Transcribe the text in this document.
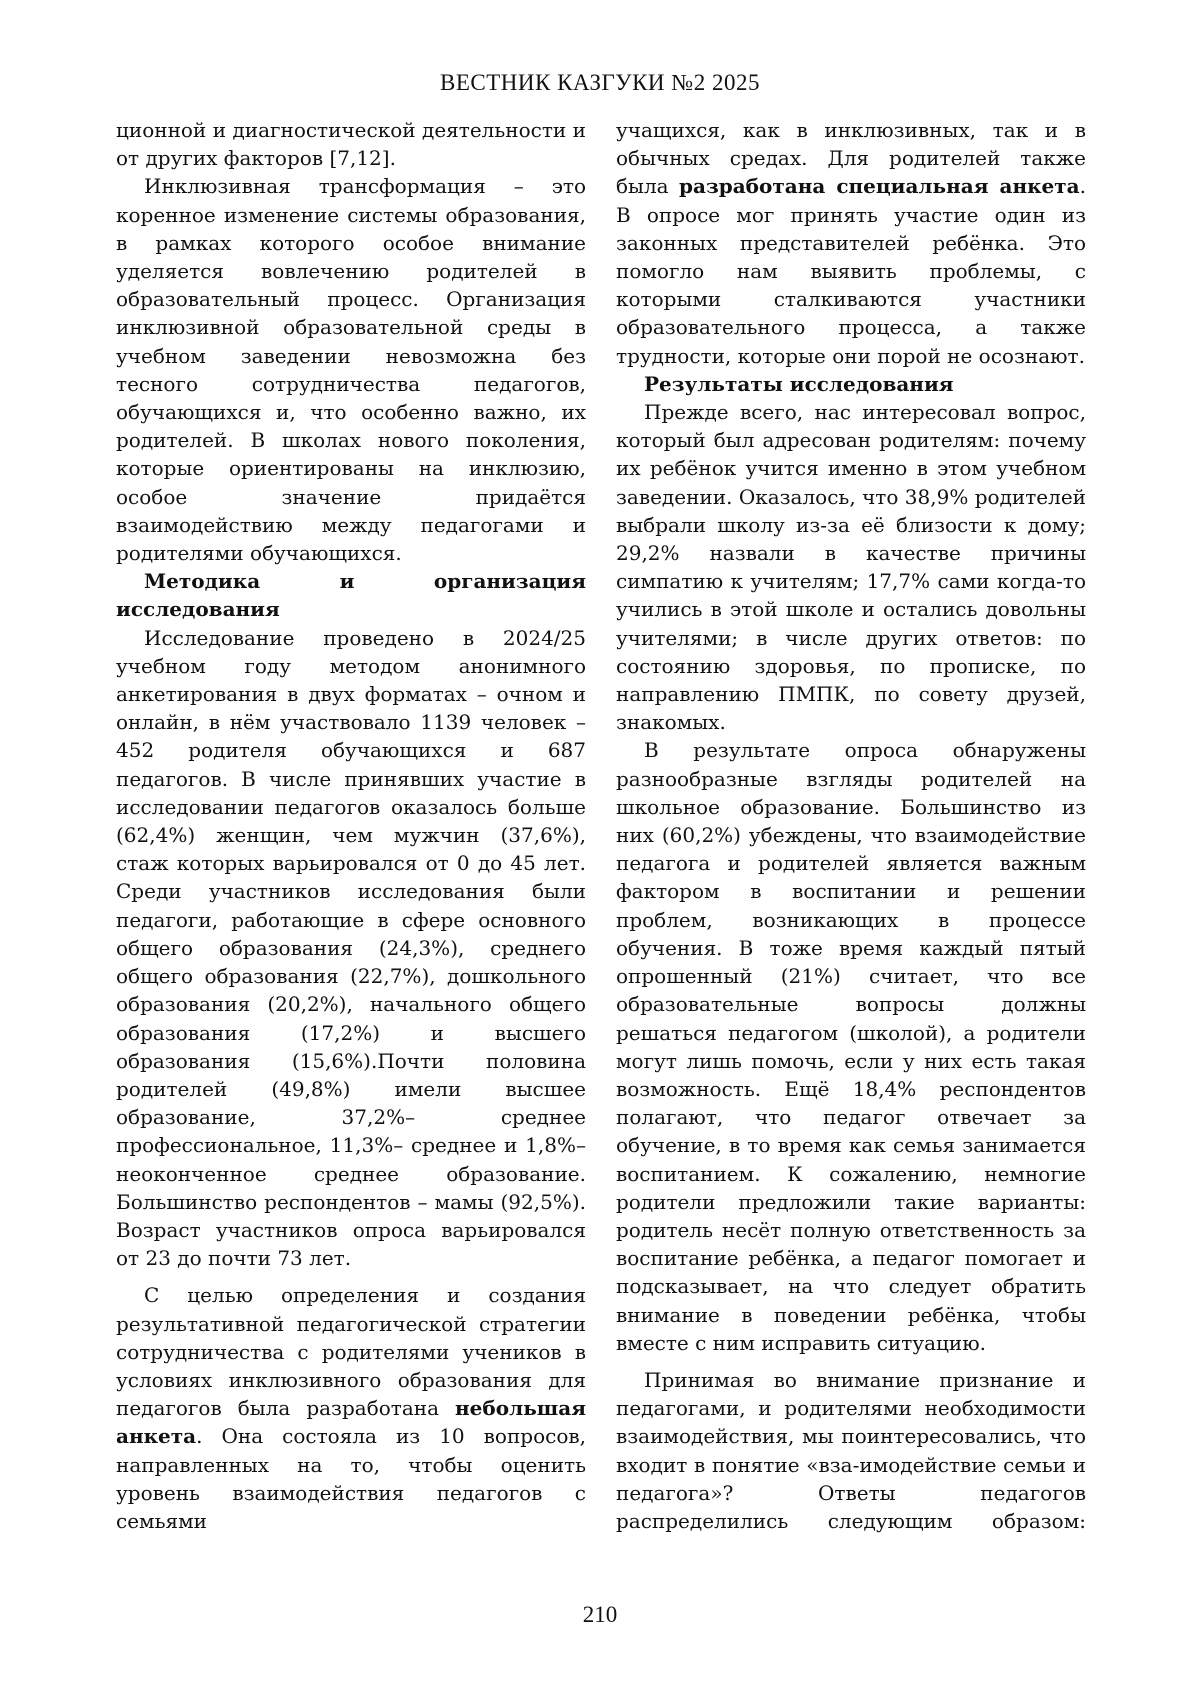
ВЕСТНИК КАЗГУКИ №2 2025

ционной и диагностической деятельности и от других факторов [7,12].

Инклюзивная трансформация – это коренное изменение системы образования, в рамках которого особое внимание уделяется вовлечению родителей в образовательный процесс. Организация инклюзивной образовательной среды в учебном заведении невозможна без тесного сотрудничества педагогов, обучающихся и, что особенно важно, их родителей. В школах нового поколения, которые ориентированы на инклюзию, особое значение придаётся взаимодействию между педагогами и родителями обучающихся.

Методика и организация исследования

Исследование проведено в 2024/25 учебном году методом анонимного анкетирования в двух форматах – очном и онлайн, в нём участвовало 1139 человек – 452 родителя обучающихся и 687 педагогов. В числе принявших участие в исследовании педагогов оказалось больше (62,4%) женщин, чем мужчин (37,6%), стаж которых варьировался от 0 до 45 лет. Среди участников исследования были педагоги, работающие в сфере основного общего образования (24,3%), среднего общего образования (22,7%), дошкольного образования (20,2%), начального общего образования (17,2%) и высшего образования (15,6%).Почти половина родителей (49,8%) имели высшее образование, 37,2%– среднее профессиональное, 11,3%– среднее и 1,8%– неоконченное среднее образование. Большинство респондентов – мамы (92,5%). Возраст участников опроса варьировался от 23 до почти 73 лет.

С целью определения и создания результативной педагогической стратегии сотрудничества с родителями учеников в условиях инклюзивного образования для педагогов была разработана небольшая анкета. Она состояла из 10 вопросов, направленных на то, чтобы оценить уровень взаимодействия педагогов с семьями

учащихся, как в инклюзивных, так и в обычных средах. Для родителей также была разработана специальная анкета. В опросе мог принять участие один из законных представителей ребёнка. Это помогло нам выявить проблемы, с которыми сталкиваются участники образовательного процесса, а также трудности, которые они порой не осознают.

Результаты исследования

Прежде всего, нас интересовал вопрос, который был адресован родителям: почему их ребёнок учится именно в этом учебном заведении. Оказалось, что 38,9% родителей выбрали школу из-за её близости к дому; 29,2% назвали в качестве причины симпатию к учителям; 17,7% сами когда-то учились в этой школе и остались довольны учителями; в числе других ответов: по состоянию здоровья, по прописке, по направлению ПМПК, по совету друзей, знакомых.

В результате опроса обнаружены разнообразные взгляды родителей на школьное образование. Большинство из них (60,2%) убеждены, что взаимодействие педагога и родителей является важным фактором в воспитании и решении проблем, возникающих в процессе обучения. В тоже время каждый пятый опрошенный (21%) считает, что все образовательные вопросы должны решаться педагогом (школой), а родители могут лишь помочь, если у них есть такая возможность. Ещё 18,4% респондентов полагают, что педагог отвечает за обучение, в то время как семья занимается воспитанием. К сожалению, немногие родители предложили такие варианты: родитель несёт полную ответственность за воспитание ребёнка, а педагог помогает и подсказывает, на что следует обратить внимание в поведении ребёнка, чтобы вместе с ним исправить ситуацию.

Принимая во внимание признание и педагогами, и родителями необходимости взаимодействия, мы поинтересовались, что входит в понятие «вза-имодействие семьи и педагога»? Ответы педагогов распределились следующим образом:

210
